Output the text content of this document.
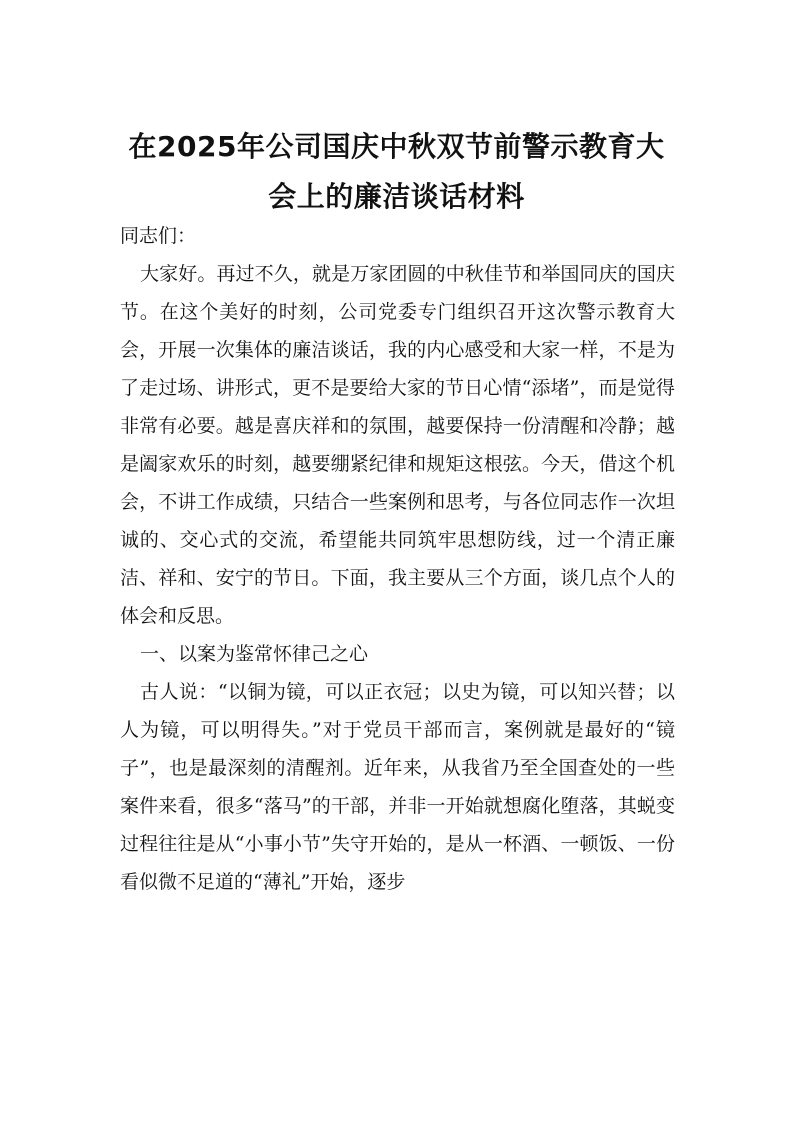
在2025年公司国庆中秋双节前警示教育大
会上的廉洁谈话材料

同志们：

大家好。再过不久，就是万家团圆的中秋佳节和举国同庆的国庆节。在这个美好的时刻，公司党委专门组织召开这次警示教育大会，开展一次集体的廉洁谈话，我的内心感受和大家一样，不是为了走过场、讲形式，更不是要给大家的节日心情“添堵”，而是觉得非常有必要。越是喜庆祥和的氛围，越要保持一份清醒和冷静；越是阖家欢乐的时刻，越要绷紧纪律和规矩这根弦。今天，借这个机会，不讲工作成绩，只结合一些案例和思考，与各位同志作一次坦诚的、交心式的交流，希望能共同筑牢思想防线，过一个清正廉洁、祥和、安宁的节日。下面，我主要从三个方面，谈几点个人的体会和反思。

一、以案为鉴常怀律己之心

古人说：“以铜为镜，可以正衣冠；以史为镜，可以知兴替；以人为镜，可以明得失。”对于党员干部而言，案例就是最好的“镜子”，也是最深刻的清醒剂。近年来，从我省乃至全国查处的一些案件来看，很多“落马”的干部，并非一开始就想腐化堕落，其蜕变过程往往是从“小事小节”失守开始的，是从一杯酒、一顿饭、一份看似微不足道的“薄礼”开始，逐步
